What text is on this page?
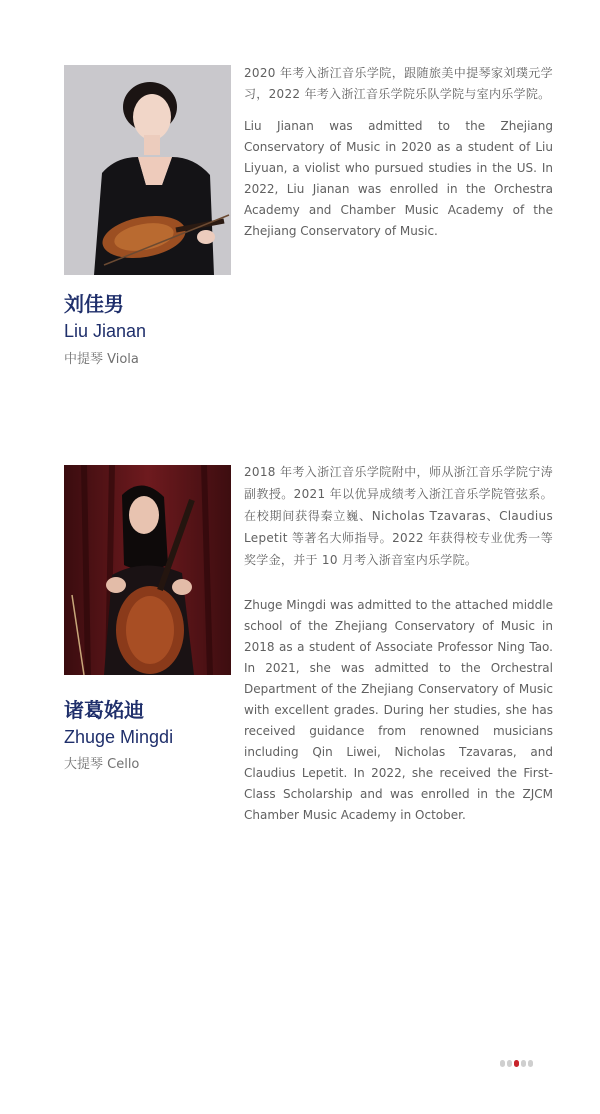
2020 年考入浙江音乐学院，跟随旅美中提琴家刘璞元学习，2022 年考入浙江音乐学院乐队学院与室内乐学院。

Liu Jianan was admitted to the Zhejiang Conservatory of Music in 2020 as a student of Liu Liyuan, a violist who pursued studies in the US. In 2022, Liu Jianan was enrolled in the Orchestra Academy and Chamber Music Academy of the Zhejiang Conservatory of Music.

刘佳男
Liu Jianan
中提琴 Viola

2018 年考入浙江音乐学院附中，师从浙江音乐学院宁涛副教授。2021 年以优异成绩考入浙江音乐学院管弦系。在校期间获得秦立巍、Nicholas Tzavaras、Claudius Lepetit 等著名大师指导。2022 年获得校专业优秀一等奖学金，并于 10 月考入浙音室内乐学院。

Zhuge Mingdi was admitted to the attached middle school of the Zhejiang Conservatory of Music in 2018 as a student of Associate Professor Ning Tao. In 2021, she was admitted to the Orchestral Department of the Zhejiang Conservatory of Music with excellent grades. During her studies, she has received guidance from renowned musicians including Qin Liwei, Nicholas Tzavaras, and Claudius Lepetit. In 2022, she received the First-Class Scholarship and was enrolled in the ZJCM Chamber Music Academy in October.

诸葛姳迪
Zhuge Mingdi
大提琴 Cello
